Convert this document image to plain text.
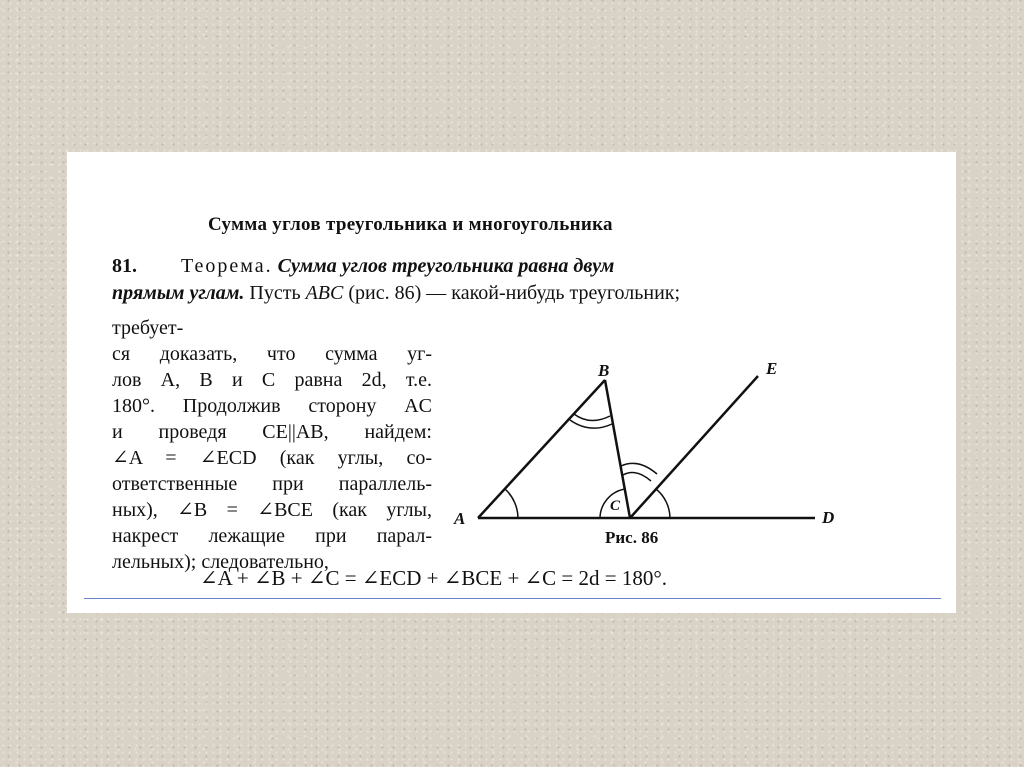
Сумма углов треугольника и многоугольника
81. Теорема. Сумма углов треугольника равна двум
прямым углам. Пусть ABC (рис. 86) — какой-нибудь треугольник;
требует-
ся доказать, что сумма уг-
лов A, B и C равна 2d, т.е.
180°. Продолжив сторону AC
и проведя CE||AB, найдем:
∠A = ∠ECD (как углы, со-
ответственные при параллель-
ных), ∠B = ∠BCE (как углы,
накрест лежащие при парал-
лельных); следовательно,
A
B
C
D
E
Рис. 86
∠A + ∠B + ∠C = ∠ECD + ∠BCE + ∠C = 2d = 180°.
